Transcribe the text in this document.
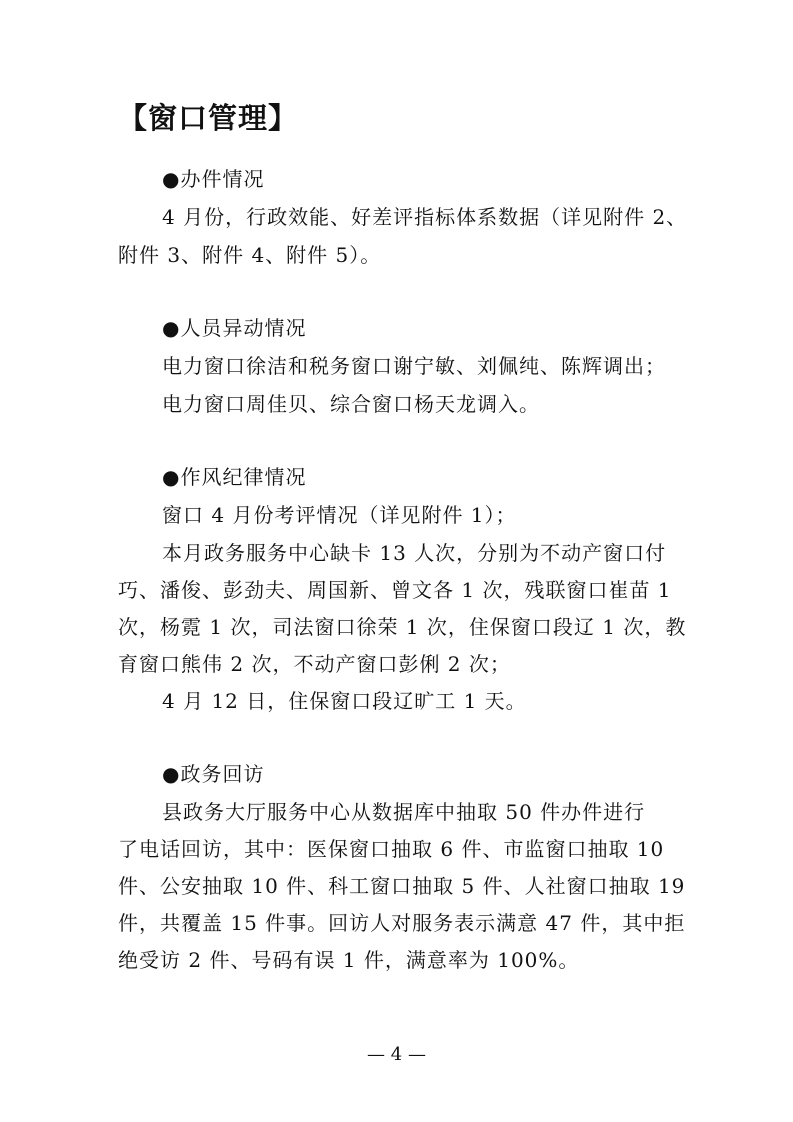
【窗口管理】
●办件情况
4 月份，行政效能、好差评指标体系数据（详见附件 2、
附件 3、附件 4、附件 5）。
●人员异动情况
电力窗口徐洁和税务窗口谢宁敏、刘佩纯、陈辉调出；
电力窗口周佳贝、综合窗口杨天龙调入。
●作风纪律情况
窗口 4 月份考评情况（详见附件 1）；
本月政务服务中心缺卡 13 人次，分别为不动产窗口付
巧、潘俊、彭劲夫、周国新、曾文各 1 次，残联窗口崔苗 1
次，杨霓 1 次，司法窗口徐荣 1 次，住保窗口段辽 1 次，教
育窗口熊伟 2 次，不动产窗口彭俐 2 次；
4 月 12 日，住保窗口段辽旷工 1 天。
●政务回访
县政务大厅服务中心从数据库中抽取 50 件办件进行
了电话回访，其中：医保窗口抽取 6 件、市监窗口抽取 10
件、公安抽取 10 件、科工窗口抽取 5 件、人社窗口抽取 19
件，共覆盖 15 件事。回访人对服务表示满意 47 件，其中拒
绝受访 2 件、号码有误 1 件，满意率为 100%。
— 4 —
